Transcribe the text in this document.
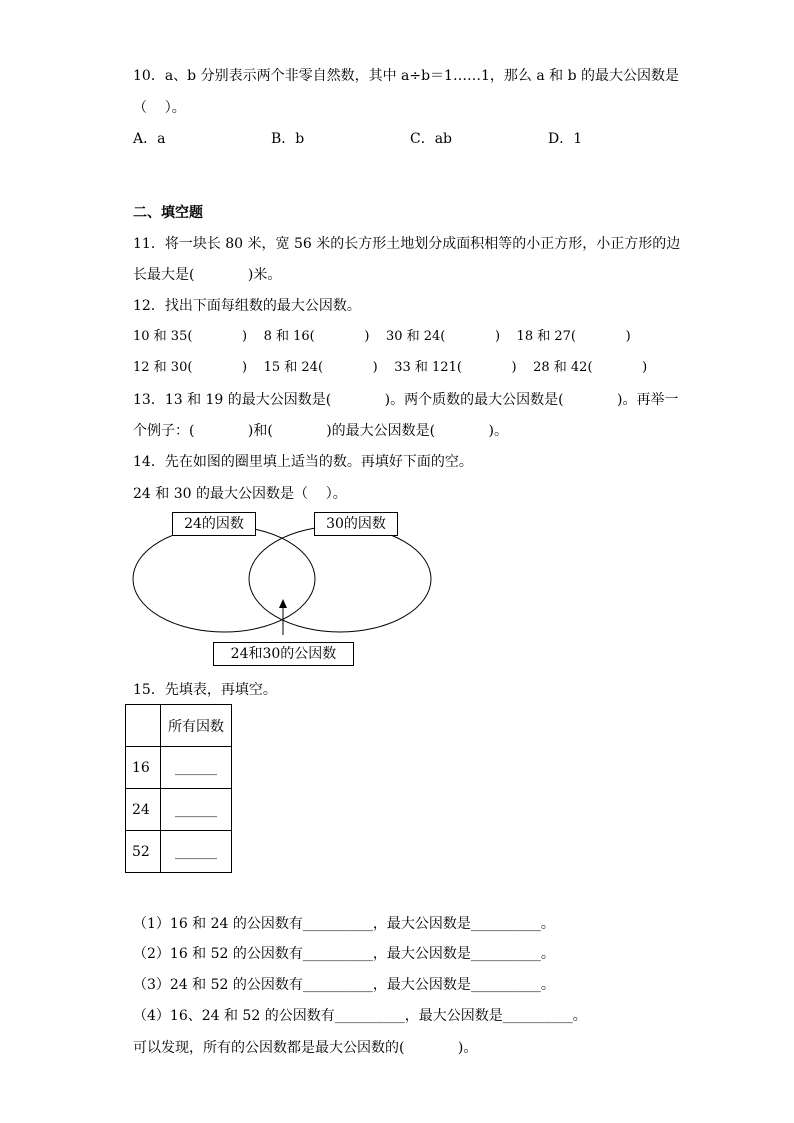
10．a、b 分别表示两个非零自然数，其中 a÷b＝1……1，那么 a 和 b 的最大公因数是
（    ）。
A．a	B．b	C．ab	D．1
二、填空题
11．将一块长 80 米，宽 56 米的长方形土地划分成面积相等的小正方形，小正方形的边
长最大是(            )米。
12．找出下面每组数的最大公因数。
10 和 35(            )    8 和 16(            )    30 和 24(            )    18 和 27(            )
12 和 30(            )    15 和 24(            )    33 和 121(            )    28 和 42(            )
13．13 和 19 的最大公因数是(            )。两个质数的最大公因数是(            )。再举一
个例子：(            )和(            )的最大公因数是(            )。
14．先在如图的圈里填上适当的数。再填好下面的空。
24 和 30 的最大公因数是（    ）。
24的因数	30的因数
24和30的公因数
15．先填表，再填空。
	所有因数
16	______
24	______
52	______
（1）16 和 24 的公因数有__________，最大公因数是__________。
（2）16 和 52 的公因数有__________，最大公因数是__________。
（3）24 和 52 的公因数有__________，最大公因数是__________。
（4）16、24 和 52 的公因数有__________，最大公因数是__________。
可以发现，所有的公因数都是最大公因数的(            )。
